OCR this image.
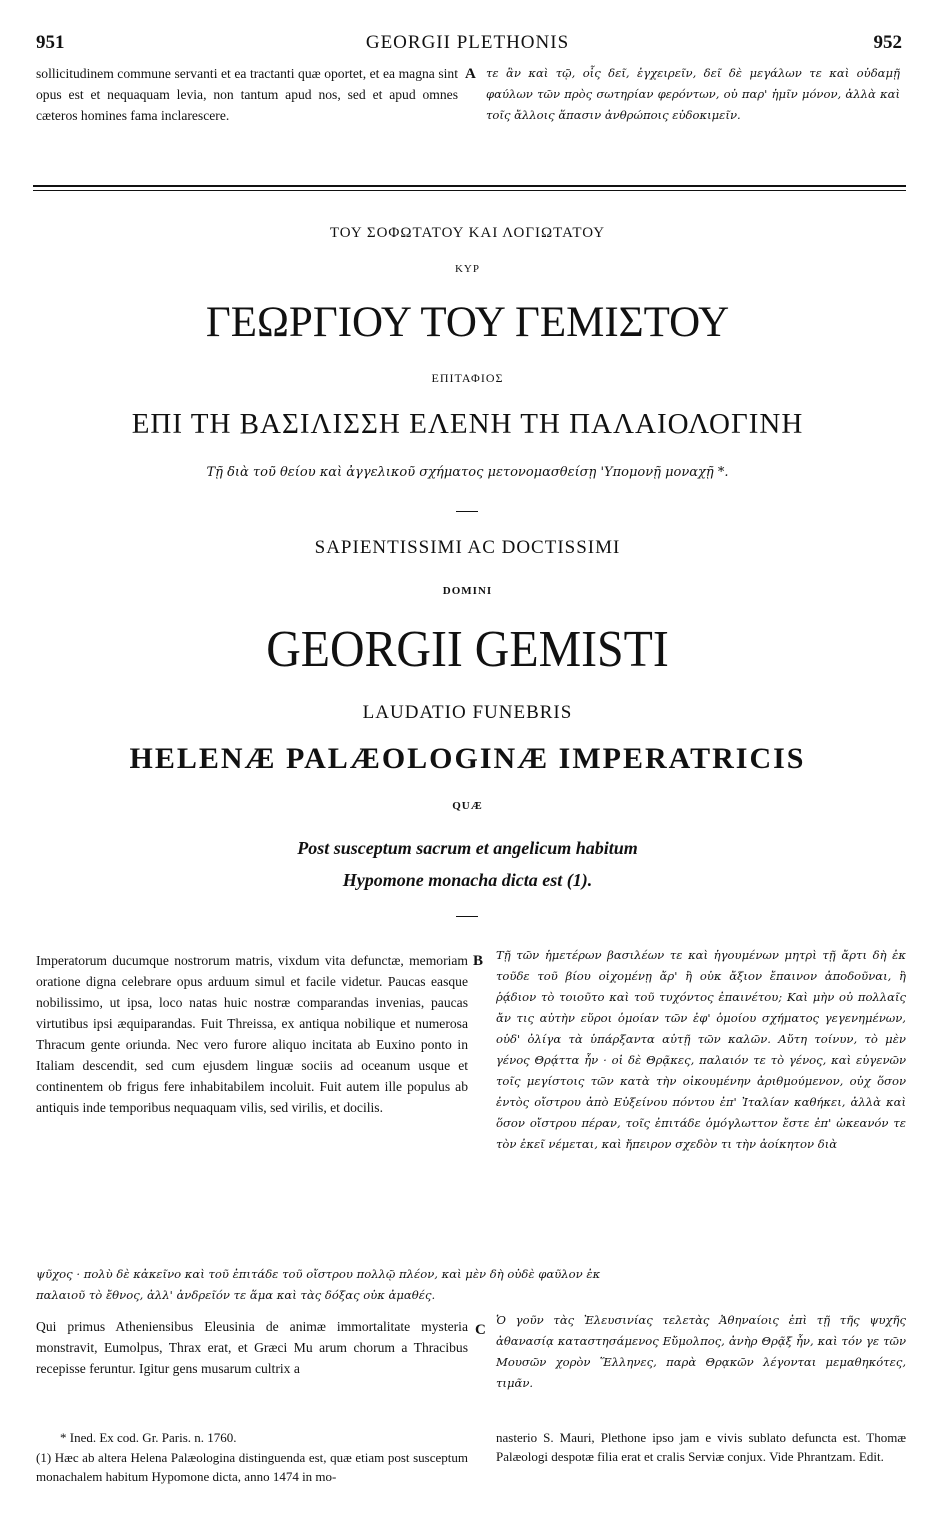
951	GEORGII PLETHONIS	952
sollicitudinem commune servanti et ea tractanti quæ oportet, et ea magna sint opus est et nequaquam levia, non tantum apud nos, sed et apud omnes cæteros homines fama inclarescere.
A τε ἂν καὶ τῷ, οἷς δεῖ, ἐγχειρεῖν, δεῖ δὲ μεγάλων τε καὶ οὐδαμῇ φαύλων τῶν πρὸς σωτηρίαν φερόντων, οὐ παρ' ἡμῖν μόνον, ἀλλὰ καὶ τοῖς ἄλλοις ἅπασιν ἀνθρώποις εὐδοκιμεῖν.
ΤΟΥ ΣΟΦΩΤΑΤΟΥ ΚΑΙ ΛΟΓΙΩΤΑΤΟΥ
ΚΥΡ
ΓΕΩΡΓΙΟΥ ΤΟΥ ΓΕΜΙΣΤΟΥ
ΕΠΙΤΑΦΙΟΣ
ΕΠΙ ΤΗ ΒΑΣΙΛΙΣΣΗ ΕΛΕΝΗ ΤΗ ΠΑΛΑΙΟΛΟΓΙΝΗ
Τῇ διὰ τοῦ θείου καὶ ἀγγελικοῦ σχήματος μετονομασθείσῃ 'Υπομονῇ μοναχῇ *.
SAPIENTISSIMI AC DOCTISSIMI
DOMINI
GEORGII GEMISTI
LAUDATIO FUNEBRIS
HELENÆ PALÆOLOGINÆ IMPERATRICIS
QUÆ
Post susceptum sacrum et angelicum habitum
Hypomone monacha dicta est (1).
Imperatorum ducumque nostrorum matris, vixdum vita defunctæ, memoriam oratione digna celebrare opus arduum simul et facile videtur. Paucas easque nobilissimo, ut ipsa, loco natas huic nostræ comparandas invenias, paucas virtutibus ipsi æquiparandas. Fuit Threissa, ex antiqua nobilique et numerosa Thracum gente oriunda. Nec vero furore aliquo incitata ab Euxino ponto in Italiam descendit, sed cum ejusdem linguæ sociis ad oceanum usque et continentem ob frigus fere inhabitabilem incoluit. Fuit autem ille populus ab antiquis inde temporibus nequaquam vilis, sed virilis, et docilis.
B Τῇ τῶν ἡμετέρων βασιλέων τε καὶ ἡγουμένων μητρὶ τῇ ἄρτι δὴ ἐκ τοῦδε τοῦ βίου οἰχομένῃ ἄρ' ἢ οὐκ ἄξιον ἔπαινον ἀποδοῦναι, ἢ ῥᾴδιον τὸ τοιοῦτο καὶ τοῦ τυχόντος ἐπαινέτου; Καὶ μὴν οὐ πολλαῖς ἄν τις αὐτὴν εὕροι ὁμοίαν τῶν ἐφ' ὁμοίου σχήματος γεγενημένων, οὐδ' ὀλίγα τὰ ὑπάρξαντα αὐτῇ τῶν καλῶν. Αὕτη τοίνυν, τὸ μὲν γένος Θρᾴττα ἦν · οἱ δὲ Θρᾷκες, παλαιόν τε τὸ γένος, καὶ εὐγενῶν τοῖς μεγίστοις τῶν κατὰ τὴν οἰκουμένην ἀριθμούμενον, οὐχ ὅσον ἐντὸς οἴστρου ἀπὸ Εὐξείνου πόντου ἐπ' Ἰταλίαν καθήκει, ἀλλὰ καὶ ὅσον οἴστρου πέραν, τοῖς ἐπιτάδε ὁμόγλωττον ἔστε ἐπ' ὠκεανόν τε τὸν ἐκεῖ νέμεται, καὶ ἤπειρον σχεδὸν τι τὴν ἀοίκητον διὰ
ψῦχος · πολὺ δὲ κἀκεῖνο καὶ τοῦ ἐπιτάδε τοῦ οἴστρου πολλῷ πλέον, καὶ μὲν δὴ οὐδὲ φαῦλον ἐκ
παλαιοῦ τὸ ἔθνος, ἀλλ' ἀνδρεῖόν τε ἅμα καὶ τὰς δόξας οὐκ ἀμαθές.
Qui primus Atheniensibus Eleusinia de animæ immortalitate mysteria monstravit, Eumolpus, Thrax erat, et Græci Mu arum chorum a Thracibus recepisse feruntur. Igitur gens musarum cultrix a
C
Ὁ γοῦν τὰς Ἐλευσινίας τελετὰς Ἀθηναίοις ἐπὶ τῇ τῆς ψυχῆς ἀθανασίᾳ καταστησάμενος Εὔμολπος, ἀνὴρ Θρᾷξ ἦν, καὶ τόν γε τῶν Μουσῶν χορὸν Ἕλληνες, παρὰ Θρᾳκῶν λέγονται μεμαθηκότες, τιμᾶν.
* Ined. Ex cod. Gr. Paris. n. 1760.
(1) Hæc ab altera Helena Palæologina distinguenda est, quæ etiam post susceptum monachalem habitum Hypomone dicta, anno 1474 in mo-
nasterio S. Mauri, Plethone ipso jam e vivis sublato defuncta est. Thomæ Palæologi despotæ filia erat et cralis Serviæ conjux. Vide Phrantzam. Edit.
